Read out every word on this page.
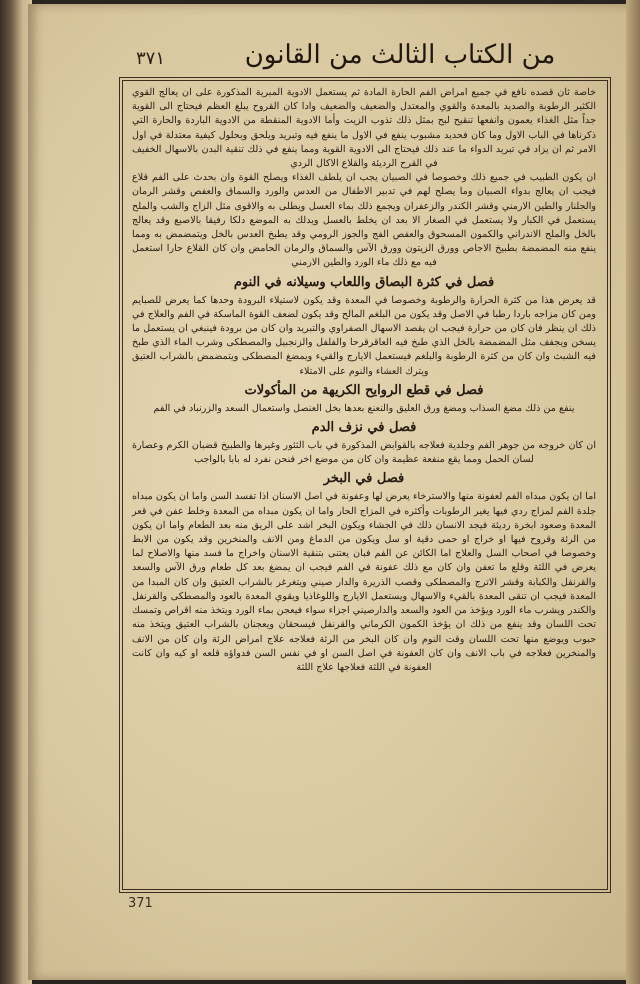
٣٧١	من الكتاب الثالث من القانون

خاصة ثان قصده نافع في جميع امراض الفم الحارة المادة ثم يستعمل الادوية المبرية المذكورة على ان يعالج القوي الكثير الرطوبة والصديد بالمعدة والقوي والمعتدل والضعيف والضعيف وادا كان القروح يبلغ العظم فيحتاج الى القوية جداً مثل الغذاء يعمون وانفعها تنقيح لبح بمثل ذلك تذوب الزيت وأما الادوية المنقطة من الادوية الباردة والحارة التي ذكرناها في الباب الاول وما كان فحديد مشبوب ينفع في الاول ما ينفع فيه وتبريد ويلحق وبحلول كيفية معتدلة في اول الامر ثم ان يزاد في تبريد الدواء ما عند ذلك فيحتاج الى الادوية القوية ومما ينفع في ذلك تنقية البدن بالاسهال الخفيف في القرح الرديئة والقلاع الاكال الردي

ان يكون الطبيب في جميع ذلك وخصوصا في الصبيان يجب ان يلطف الغذاء ويصلح القوة وان بحدث على الفم قلاع فيجب ان يعالج بدواء الصبيان وما يصلح لهم في تدبير الاطفال من العدس والورد والسماق والعفص وقشر الرمان والجلنار والطين الارمني وقشر الكندر والزعفران ويجمع ذلك بماء العسل ويطلى به والاقوى مثل الزاج والشب والملح يستعمل في الكبار ولا يستعمل في الصغار الا بعد ان يخلط بالعسل ويدلك به الموضع دلكا رفيقا بالاصبع وقد يعالج بالخل والملح الاندراني والكمون المسحوق والعفص الفج والجوز الرومي وقد يطبخ العدس بالخل ويتمضمض به ومما ينفع منه المضمضة بطبيخ الاجاص وورق الزيتون وورق الآس والسماق والرمان الحامض وان كان القلاع حارا استعمل فيه مع ذلك ماء الورد والطين الارمني

فصل في كثرة البصاق واللعاب وسيلانه في النوم

قد يعرض هذا من كثرة الحرارة والرطوبة وخصوصا في المعدة وقد يكون لاستيلاء البرودة وحدها كما يعرض للصبايم ومن كان مزاجه باردا رطبا في الاصل وقد يكون من البلغم المالح وقد يكون لضعف القوة الماسكة في الفم والعلاج في ذلك ان ينظر فان كان من حرارة فيجب ان يقصد الاسهال الصفراوي والتبريد وان كان من برودة فينبغي ان يستعمل ما يسخن ويجفف مثل المضمضة بالخل الذي طبخ فيه العاقرقرحا والفلفل والزنجبيل والمصطكى وشرب الماء الذي طبخ فيه الشبث وان كان من كثرة الرطوبة والبلغم فيستعمل الايارج والقيء ويمضغ المصطكى ويتمضمض بالشراب العتيق ويترك العشاء والنوم على الامتلاء

فصل في قطع الروايح الكريهة من المأكولات

ينفع من ذلك مضغ السذاب ومضغ ورق العليق والنعنع بعدها بخل العنصل واستعمال السعد والزرنباد في الفم

فصل في نزف الدم

ان كان خروجه من جوهر الفم وجلدية فعلاجه بالقوابض المذكورة في باب الثئور وغيرها والطبيخ قضبان الكرم وعصارة لسان الحمل ومما يقع منفعة عظيمة وان كان من موضع اخر فنحن نفرد له بابا بالواجب

فصل في البخر

اما ان يكون مبداه الفم لعفونة منها والاسترخاء يعرض لها وعفونة في اصل الاسنان اذا تفسد السن واما ان يكون مبداه جلدة الفم لمزاج ردي فيها يغير الرطوبات وأكثره في المزاج الحار واما ان يكون مبداه من المعدة وخلط عفن في قعر المعدة وصعود ابخرة رديئة فيجد الانسان ذلك في الجشاء ويكون البخر اشد على الريق منه بعد الطعام واما ان يكون من الرئة وقروح فيها او خراج او حمى دقية او سل ويكون من الدماغ ومن الانف والمنخرين وقد يكون من الابط وخصوصا في اصحاب السل والعلاج اما الكائن عن الفم فبان يعتنى بتنقية الاسنان واخراج ما فسد منها والاصلاح لما يعرض في اللثة وقلع ما تعفن وان كان مع ذلك عفونة في الفم فيجب ان يمضغ بعد كل طعام ورق الآس والسعد والقرنفل والكبابة وقشر الاترج والمصطكى وقصب الذريرة والدار صيني ويتغرغر بالشراب العتيق وان كان المبدا من المعدة فيجب ان تنقى المعدة بالقيء والاسهال ويستعمل الايارج واللوغاذيا ويقوي المعدة بالعود والمصطكى والقرنفل والكندر ويشرب ماء الورد ويؤخذ من العود والسعد والدارصيني اجزاء سواء فيعجن بماء الورد ويتخذ منه اقراص وتمسك تحت اللسان وقد ينفع من ذلك ان يؤخذ الكمون الكرماني والقرنفل فيسحقان ويعجنان بالشراب العتيق ويتخذ منه حبوب ويوضع منها تحت اللسان وقت النوم وان كان البخر من الرئة فعلاجه علاج امراض الرئة وان كان من الانف والمنخرين فعلاجه في باب الانف وان كان العفونة في اصل السن او في نفس السن فدواؤه قلعه او كيه وان كانت العفونة في اللثة فعلاجها علاج اللثة

371
